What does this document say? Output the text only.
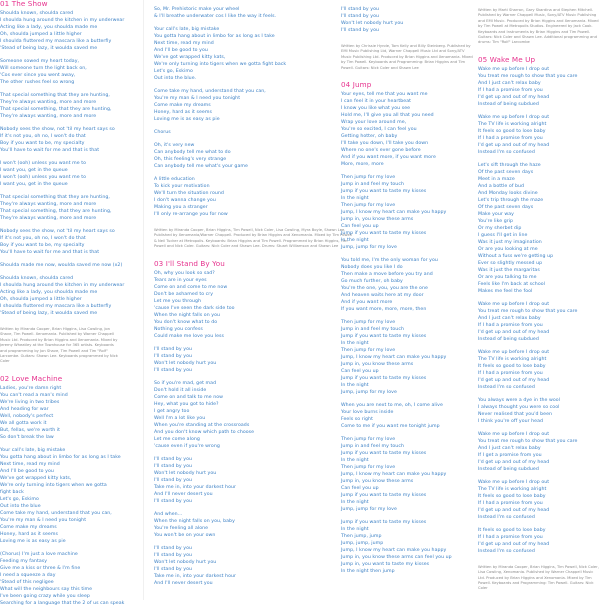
01 The Show
Shoulda known, shoulda cared
I shoulda hung around the kitchen in my underwear
Acting like a lady, you shoulda made me
Oh, shoulda jumped a little higher
I shoulda fluttered my mascara like a butterfly
'Stead of being lazy, it woulda saved me
Someone sowed my heart today,
Will someone turn the light back on,
'Cos ever since you went away,
The other rushes feel so wrong
That special something that they are hunting,
They're always wanting, more and more
That special something, that they are hunting,
They're always wanting, more and more
Nobody sees the show, not 'til my heart says so
If it's not you, oh no, I won't do that
Boy if you want to be, my specialty
You'll have to wait for me and that is that
I won't (ooh) unless you want me to
I want you, get in the queue
I won't (ooh) unless you want me to
I want you, get in the queue
That special something that they are hunting,
They're always wanting, more and more
That special something, that they are hunting,
They're always wanting, more and more
Nobody sees the show, not 'til my heart says so
If it's not you, oh no, I won't do that
Boy if you want to be, my specialty
You'll have to wait for me and that is that
Shoulda made me now, woulda saved me now (x2)
Shoulda known, shoulda cared
I shoulda hung around the kitchen in my underwear
Acting like a lady, you shoulda made me
Oh, shoulda jumped a little higher
I shoulda fluttered my mascara like a butterfly
'Stead of being lazy, it woulda saved me
Written by Miranda Cooper, Brian Higgins, Lisa Cowling, Jon Shave, Tim Powell. Xenomania. Published by Warner Chappell Music Ltd. Produced by Brian Higgins and Xenomania. Mixed by Jeremy Wheatley at the Townhouse for 365 artists. Keyboards and programming by Jon Shave, Tim Powell and Tim "Rolf" Larcombe. Guitars: Shawn Lee. Keyboards programmed by Nick Coler
02 Love Machine
Ladies, you're damn right
You can't read a man's mind
We're living in two tribes
And heading for war
Well, nobody's perfect
We all gotta work it
But, fellas, we're worth it
So don't break the law
Your call's late, big mistake
You gotta hang about in limbo for as long as I take
Next time, read my mind
And I'll be good to you
We've got wrapped kitty kats,
We're only turning into tigers when we gotta
fight back
Let's go, Eskimo
Out into the blue
Come take my hand, understand that you can,
You're my man & I need you tonight
Come make my dreams
Honey, hard as it seems
Loving me is as easy as pie
(Chorus) I'm just a love machine
Feeding my fantasy
Give me a kiss or three & I'm fine
I need a squeeze a day
'Stead of this negligee
What will the neighbours say this time
I've been going crazy while you sleep
Searching for a language that the 2 of us can speak
So, Mr. Prehistoric make your wheel
& I'll breathe underwater cos I like the way it feels.
Your call's late, big mistake
You gotta hang about in limbo for as long as I take
Next time, read my mind
And I'll be good to you
We've got wrapped kitty kats,
We're only turning into tigers when we gotta fight back
Let's go, Eskimo
Out into the blue.
Come take my hand, understand that you can,
You're my man & I need you tonight
Come make my dreams
Honey, hard as it seems
Loving me is as easy as pie
Chorus
Oh, it's very new
Can anybody tell me what to do
Oh, this feeling's very strange
Can anybody tell me what's your game
A little education
To kick your motivation
We'll turn the situation round
I don't wanna change you
Making you a stranger
I'll only re-arrange you for now
Written by Miranda Cooper, Brian Higgins, Tim Powell, Nick Coler, Lisa Cowling, Myra Boyle, Shawn Lee. Published by Xenomania/Warner Chappell. Produced by Brian Higgins and Xenomania. Mixed by Tim Powell & Neil Tucker at Metropolis. Keyboards: Brian Higgins and Tim Powell. Programmed by Brian Higgins, Tim Powell and Nick Coler. Guitars: Nick Coler and Shawn Lee. Drums: Stuart Williamson and Shawn Lee
03 I'll Stand By You
Oh, why you look so sad?
Tears are in your eyes
Come on and come to me now
Don't be ashamed to cry
Let me you through
'cause I've seen the dark side too
When the night falls on you
You don't know what to do
Nothing you confess
Could make me love you less
I'll stand by you
I'll stand by you
Won't let nobody hurt you
I'll stand by you
So if you're mad, get mad
Don't hold it all inside
Come on and talk to me now
Hey, what you got to hide?
I get angry too
Well I'm a lot like you
When you're standing at the crossroads
And you don't know which path to choose
Let me come along
'cause even if you're wrong
I'll stand by you
I'll stand by you
Won't let nobody hurt you
I'll stand by you
Take me in, into your darkest hour
And I'll never desert you
I'll stand by you
And when...
When the night falls on you, baby
You're feeling all alone
You won't be on your own
I'll stand by you
I'll stand by you
Won't let nobody hurt you
I'll stand by you
Take me in, into your darkest hour
And I'll never desert you
I'll stand by you
I'll stand by you
Won't let nobody hurt you
I'll stand by you
Written by Chrissie Hynde, Tom Kelly and Billy Steinberg. Published by EMI Music Publishing Ltd, Warner Chappell Music Ltd and Sony/ATV Music Publishing Ltd. Produced by Brian Higgins and Xenomania. Mixed by Tim Powell. Keyboards and Programming: Brian Higgins and Tim Powell. Guitars: Nick Coler and Shawn Lee
04 Jump
Your eyes, tell me that you want me
I can feel it in your heartbeat
I know you like what you see
Hold me, I'll give you all that you need
Wrap your love around me,
You're so excited, I can feel you
Getting hotter, oh baby
I'll take you down, I'll take you down
Where no one's ever gone before
And if you want more, if you want more
More, more, more
Then jump for my love
Jump in and feel my touch
Jump if you want to taste my kisses
In the night
Then jump for my love
Jump, I know my heart can make you happy
Jump in, you know these arms
Can feel you up
Jump if you want to taste my kisses
In the night
Jump, jump for my love
You told me, I'm the only woman for you
Nobody does you like I do
Then make a move before you try and
Go much further, oh baby
You're the one, you, you are the one
And heaven waits here at my door
And if you want more
If you want more, more, more, then
Then jump for my love
Jump in and feel my touch
Jump if you want to taste my kisses
In the night
Then jump for my love
Jump, I know my heart can make you happy
Jump in, you know these arms
Can feel you up
Jump if you want to taste my kisses
In the night
Jump, jump for my love
When you are next to me, oh, I come alive
Your love burns inside
Feels so right
Come to me if you want me tonight jump
Then jump for my love
Jump in and feel my touch
Jump if you want to taste my kisses
In the night
Then jump for my love
Jump, I know my heart can make you happy
Jump in, you know these arms
Can feel you up
Jump if you want to taste my kisses
In the night
Jump, jump for my love
Jump if you want to taste my kisses
In the night
Then jump, jump
Jump, jump, jump
Jump, I know my heart can make you happy
Jump in, you know these arms can feel you up
Jump in, you want to taste my kisses
In the night then jump
Written by Marti Sharron, Gary Skardina and Stephen Mitchell. Published by Warner Chappell Music, Sony/ATV Music Publishing and EMI Music. Produced by Brian Higgins and Xenomania. Mixed by Tim Powell at Metropolis Studios. Engineered by Jack Cook. Keyboards and Instruments by Brian Higgins and Tim Powell. Guitars: Nick Coler and Shawn Lee. Additional programming and drums: Tim "Rolf" Larcombe
05 Wake Me Up
Wake me up before I drop out
You treat me rough to show that you care
And I just can't relax baby
If I had a promise from you
I'd get up and out of my head
Instead of being subdued
Wake me up before I drop out
The TV life is working alright
It feels so good to lose baby
If I had a promise from you
I'd get up and out of my head
Instead I'm so confused
Let's sift through the haze
Of the past seven days
Meet in a maze
And a bottle of bud
And Monday looks divine
Let's trip through the maze
Of the past seven days
Make your way
You're like grip
Or my sherbet dip
I guess I'll get in line
Was it just my imagination
Or are you looking at me
Without a fuss we're getting up
Ever so slightly messed up
Was it just the margaritas
Or are you talking to me
Feels like I'm back at school
Makes me feel the fool
Wake me up before I drop out
You treat me rough to show that you care
And I just can't relax baby
If I had a promise from you
I'd get up and out of my head
Instead of being subdued
Wake me up before I drop out
The TV life is working alright
It feels so good to lose baby
If I had a promise from you
I'd get up and out of my head
Instead I'm so confused
You always were a dye in the wool
I always thought you were so cool
Never realised that you'd been
I think you're off your head
Wake me up before I drop out
You treat me rough to show that you care
And I just can't relax baby
If I get a promise from you
I'd get up and out of my head
Instead of being subdued
Wake me up before I drop out
The TV life is working alright
It feels so good to lose baby
If I had a promise from you
I'd get up and out of my head
Instead I'm so confused
It feels so good to lose baby
If I had a promise from you
I'd get up and out of my head
Instead I'm so confused
Written by Miranda Cooper, Brian Higgins, Tim Powell, Nick Coler, Lisa Cowling, Xenomania. Published by Warner Chappell Music Ltd. Produced by Brian Higgins and Xenomania. Mixed by Tim Powell. Keyboards and Programming: Tim Powell. Guitars: Nick Coler
